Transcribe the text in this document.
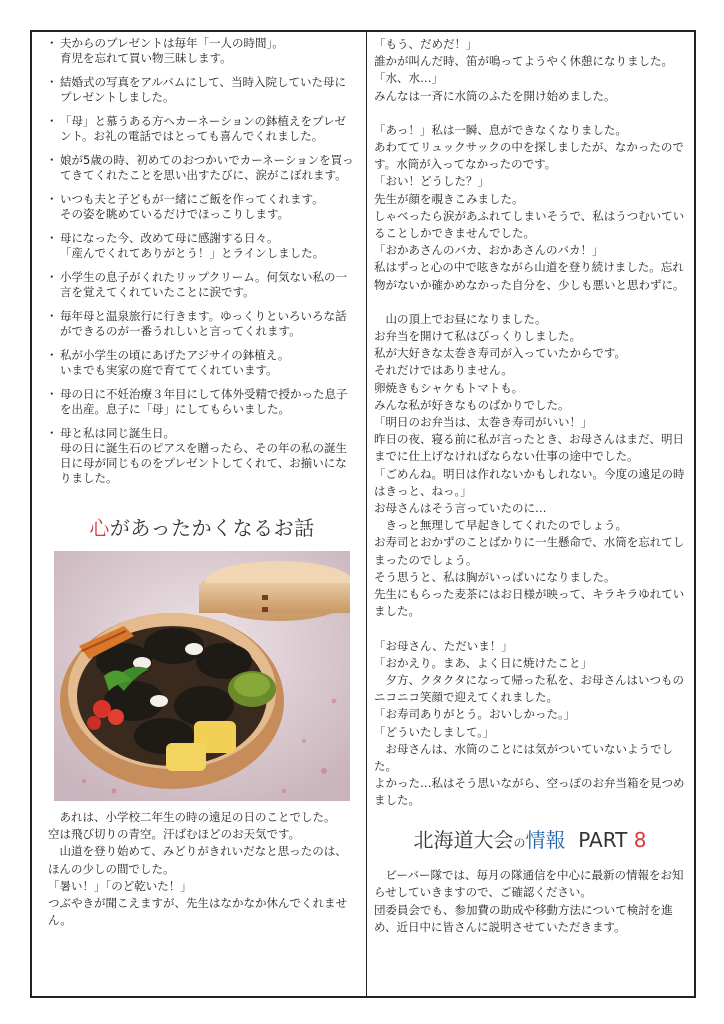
・ 夫からのプレゼントは毎年「一人の時間」。
育児を忘れて買い物三昧します。
・ 結婚式の写真をアルバムにして、当時入院していた母にプレゼントしました。
・ 「母」と慕うある方へカーネーションの鉢植えをプレゼント。お礼の電話ではとっても喜んでくれました。
・ 娘が5歳の時、初めてのおつかいでカーネーションを買ってきてくれたことを思い出すたびに、涙がこぼれます。
・ いつも夫と子どもが一緒にご飯を作ってくれます。
その姿を眺めているだけでほっこりします。
・ 母になった今、改めて母に感謝する日々。
「産んでくれてありがとう！」とラインしました。
・ 小学生の息子がくれたリップクリーム。何気ない私の一言を覚えてくれていたことに涙です。
・ 毎年母と温泉旅行に行きます。ゆっくりといろいろな話ができるのが一番うれしいと言ってくれます。
・ 私が小学生の頃にあげたアジサイの鉢植え。
いまでも実家の庭で育ててくれています。
・ 母の日に不妊治療３年目にして体外受精で授かった息子を出産。息子に「母」にしてもらいました。
・ 母と私は同じ誕生日。
母の日に誕生石のピアスを贈ったら、その年の私の誕生日に母が同じものをプレゼントしてくれて、お揃いになりました。
心があったかくなるお話

　あれは、小学校二年生の時の遠足の日のことでした。
空は飛び切りの青空。汗ばむほどのお天気です。

　山道を登り始めて、みどりがきれいだなと思ったのは、ほんの少しの間でした。

「暑い！」「のど乾いた！」

つぶやきが聞こえますが、先生はなかなか休んでくれません。

「もう、だめだ！」

誰かが叫んだ時、笛が鳴ってようやく休憩になりました。

「水、水…」

みんなは一斉に水筒のふたを開け始めました。

「あっ！」私は一瞬、息ができなくなりました。

あわててリュックサックの中を探しましたが、なかったのです。水筒が入ってなかったのです。

「おい！どうした？」

先生が顔を覗きこみました。

しゃべったら涙があふれてしまいそうで、私はうつむいていることしかできませんでした。

「おかあさんのバカ、おかあさんのバカ！」

私はずっと心の中で呟きながら山道を登り続けました。忘れ物がないか確かめなかった自分を、少しも悪いと思わずに。

　山の頂上でお昼になりました。

お弁当を開けて私はびっくりしました。

私が大好きな太巻き寿司が入っていたからです。

それだけではありません。

卵焼きもシャケもトマトも。

みんな私が好きなものばかりでした。

「明日のお弁当は、太巻き寿司がいい！」

昨日の夜、寝る前に私が言ったとき、お母さんはまだ、明日までに仕上げなければならない仕事の途中でした。

「ごめんね。明日は作れないかもしれない。今度の遠足の時はきっと、ねっ。」

お母さんはそう言っていたのに…

　きっと無理して早起きしてくれたのでしょう。

お寿司とおかずのことばかりに一生懸命で、水筒を忘れてしまったのでしょう。

そう思うと、私は胸がいっぱいになりました。

先生にもらった麦茶にはお日様が映って、キラキラゆれていました。

「お母さん、ただいま！」

「おかえり。まあ、よく日に焼けたこと」

　夕方、クタクタになって帰った私を、お母さんはいつものニコニコ笑顔で迎えてくれました。

「お寿司ありがとう。おいしかった。」

「どういたしまして。」

　お母さんは、水筒のことには気がついていないようでした。

よかった…私はそう思いながら、空っぽのお弁当箱を見つめました。

北海道大会の情報 PART 8

　ビーバー隊では、毎月の隊通信を中心に最新の情報をお知らせしていきますので、ご確認ください。
団委員会でも、参加費の助成や移動方法について検討を進め、近日中に皆さんに説明させていただきます。
